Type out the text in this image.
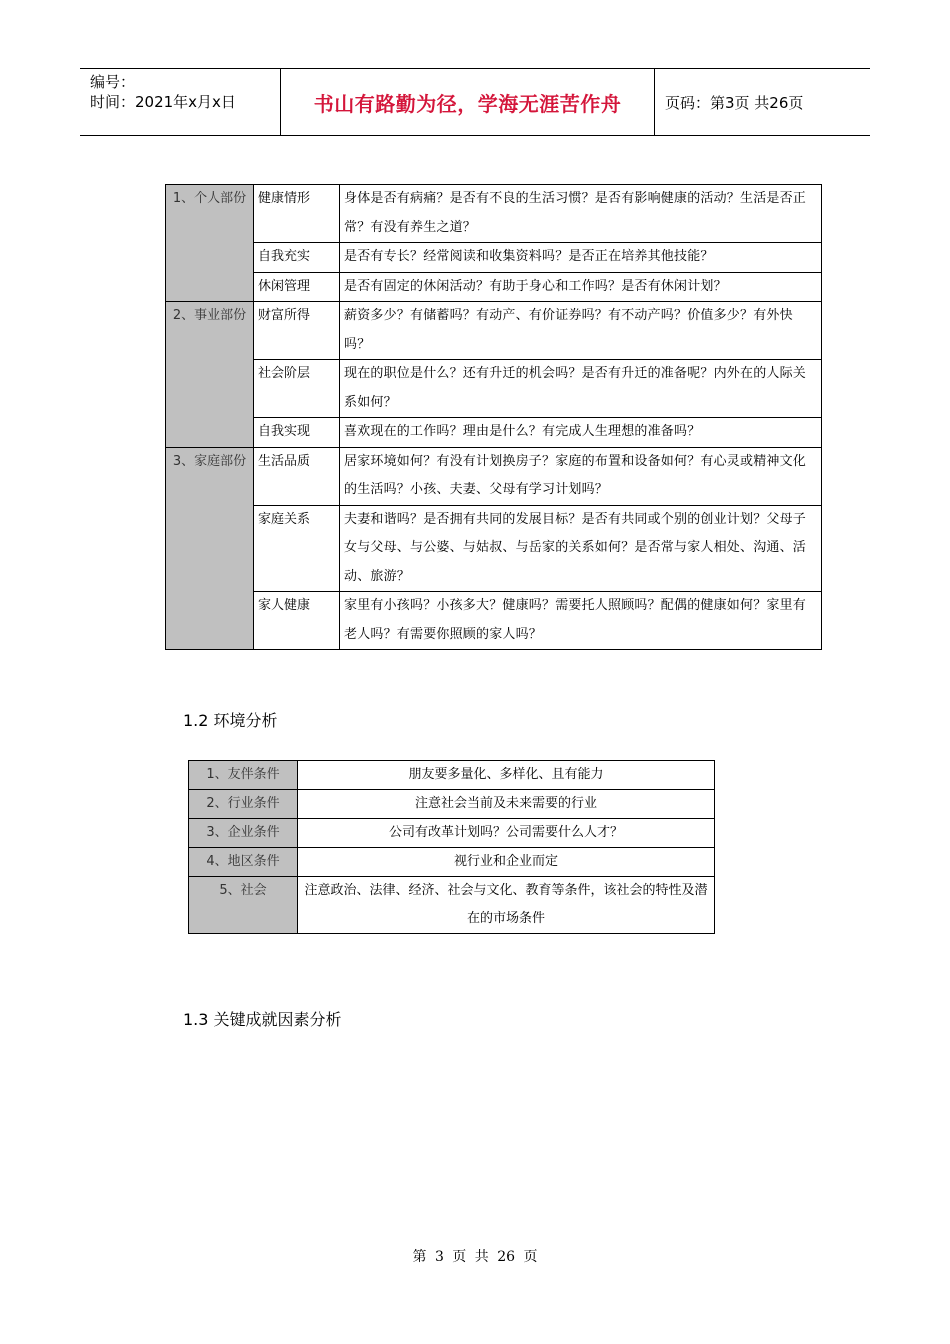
编号：
时间：2021年x月x日	书山有路勤为径，学海无涯苦作舟	页码：第3页 共26页
1、个人部份	健康情形	身体是否有病痛？是否有不良的生活习惯？是否有影响健康的活动？生活是否正常？有没有养生之道？
	自我充实	是否有专长？经常阅读和收集资料吗？是否正在培养其他技能？
	休闲管理	是否有固定的休闲活动？有助于身心和工作吗？是否有休闲计划？
2、事业部份	财富所得	薪资多少？有储蓄吗？有动产、有价证券吗？有不动产吗？价值多少？有外快吗？
	社会阶层	现在的职位是什么？还有升迁的机会吗？是否有升迁的准备呢？内外在的人际关系如何？
	自我实现	喜欢现在的工作吗？理由是什么？有完成人生理想的准备吗？
3、家庭部份	生活品质	居家环境如何？有没有计划换房子？家庭的布置和设备如何？有心灵或精神文化的生活吗？小孩、夫妻、父母有学习计划吗？
	家庭关系	夫妻和谐吗？是否拥有共同的发展目标？是否有共同或个别的创业计划？父母子女与父母、与公婆、与姑叔、与岳家的关系如何？是否常与家人相处、沟通、活动、旅游？
	家人健康	家里有小孩吗？小孩多大？健康吗？需要托人照顾吗？配偶的健康如何？家里有老人吗？有需要你照顾的家人吗？
1.2 环境分析
1、友伴条件	朋友要多量化、多样化、且有能力
2、行业条件	注意社会当前及未来需要的行业
3、企业条件	公司有改革计划吗？公司需要什么人才？
4、地区条件	视行业和企业而定
5、社会	注意政治、法律、经济、社会与文化、教育等条件，该社会的特性及潜在的市场条件
1.3 关键成就因素分析
第 3 页 共 26 页
